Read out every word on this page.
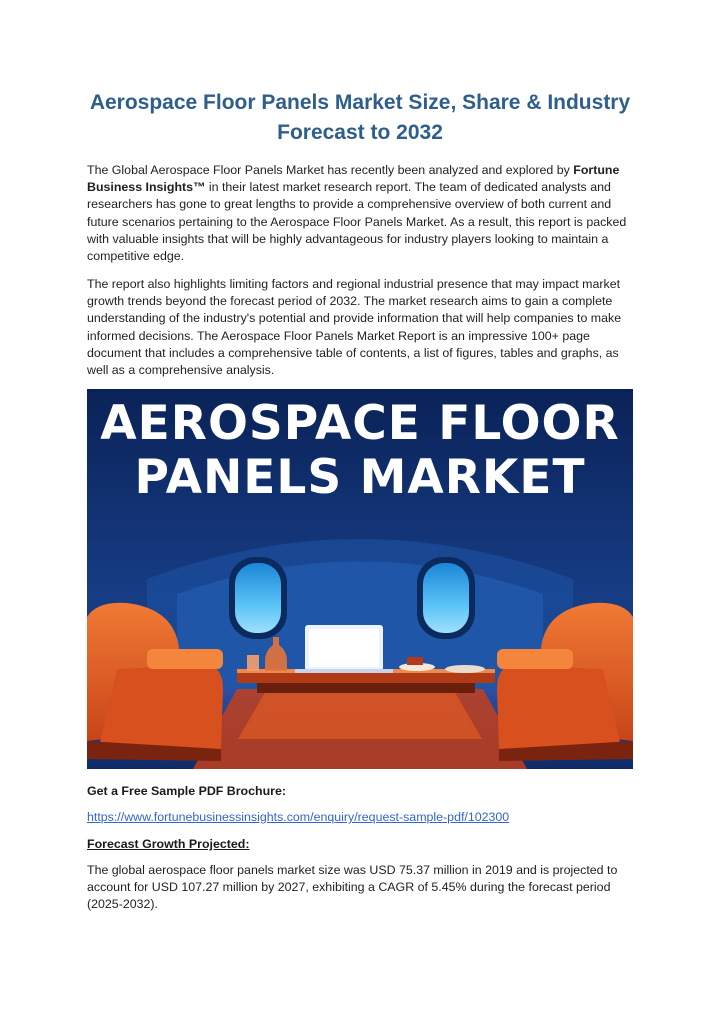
Aerospace Floor Panels Market Size, Share & Industry Forecast to 2032

The Global Aerospace Floor Panels Market has recently been analyzed and explored by Fortune Business Insights™ in their latest market research report. The team of dedicated analysts and researchers has gone to great lengths to provide a comprehensive overview of both current and future scenarios pertaining to the Aerospace Floor Panels Market. As a result, this report is packed with valuable insights that will be highly advantageous for industry players looking to maintain a competitive edge.

The report also highlights limiting factors and regional industrial presence that may impact market growth trends beyond the forecast period of 2032. The market research aims to gain a complete understanding of the industry's potential and provide information that will help companies to make informed decisions. The Aerospace Floor Panels Market Report is an impressive 100+ page document that includes a comprehensive table of contents, a list of figures, tables and graphs, as well as a comprehensive analysis.

AEROSPACE FLOOR
PANELS MARKET
Get a Free Sample PDF Brochure:
https://www.fortunebusinessinsights.com/enquiry/request-sample-pdf/102300
Forecast Growth Projected:

The global aerospace floor panels market size was USD 75.37 million in 2019 and is projected to account for USD 107.27 million by 2027, exhibiting a CAGR of 5.45% during the forecast period (2025-2032).
